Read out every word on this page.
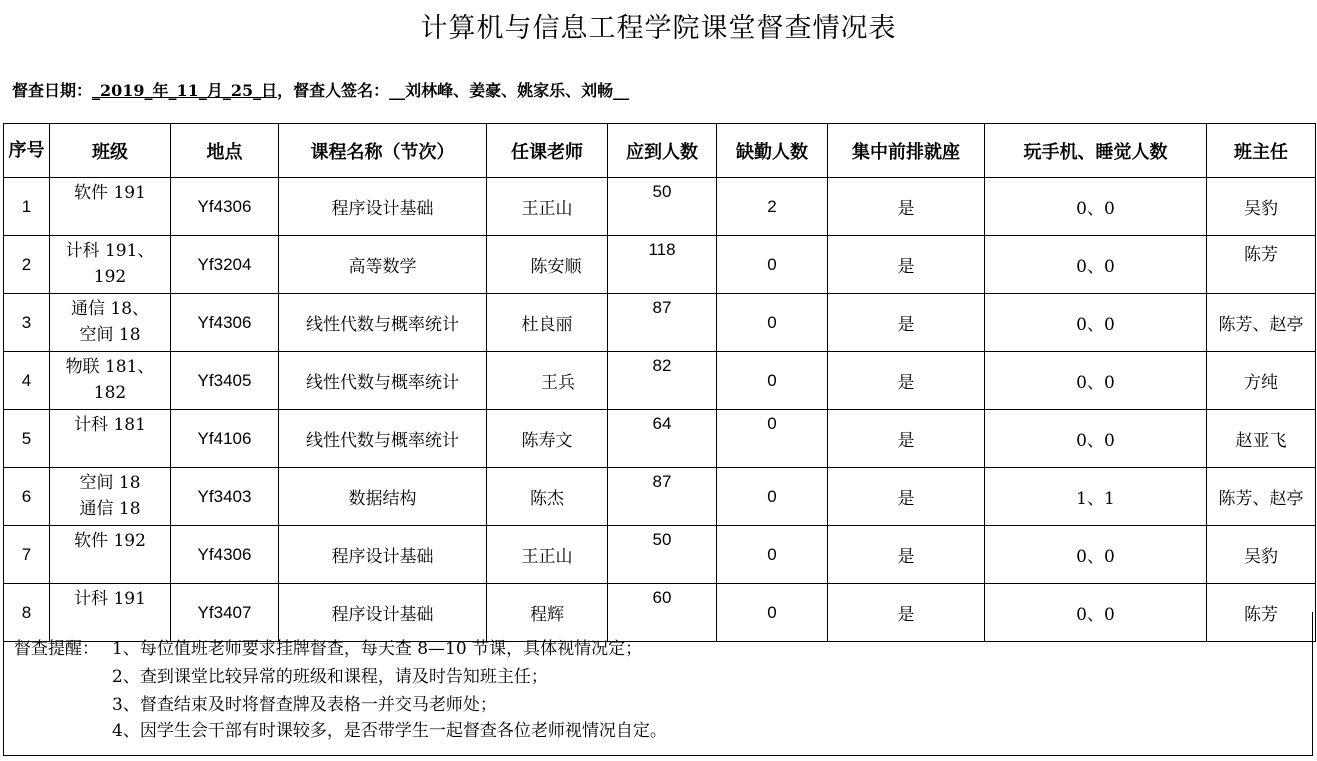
计算机与信息工程学院课堂督查情况表
督查日期：_2019_年_11_月_25_日，督查人签名：__刘林峰、姜豪、姚家乐、刘畅__
序号	班级	地点	课程名称（节次）	任课老师	应到人数	缺勤人数	集中前排就座	玩手机、睡觉人数	班主任
1	软件 191	Yf4306	程序设计基础	王正山	50	2	是	0、0	吴豹
2	计科 191、
192	Yf3204	高等数学	陈安顺	118	0	是	0、0	陈芳
3	通信 18、
空间 18	Yf4306	线性代数与概率统计	杜良丽	87	0	是	0、0	陈芳、赵亭
4	物联 181、
182	Yf3405	线性代数与概率统计	王兵	82	0	是	0、0	方纯
5	计科 181	Yf4106	线性代数与概率统计	陈寿文	64	0	是	0、0	赵亚飞
6	空间 18
通信 18	Yf3403	数据结构	陈杰	87	0	是	1、1	陈芳、赵亭
7	软件 192	Yf4306	程序设计基础	王正山	50	0	是	0、0	吴豹
8	计科 191	Yf3407	程序设计基础	程辉	60	0	是	0、0	陈芳
督查提醒： 1、每位值班老师要求挂牌督查，每天查 8—10 节课，具体视情况定；
2、查到课堂比较异常的班级和课程，请及时告知班主任；
3、督查结束及时将督查牌及表格一并交马老师处；
4、因学生会干部有时课较多，是否带学生一起督查各位老师视情况自定。
